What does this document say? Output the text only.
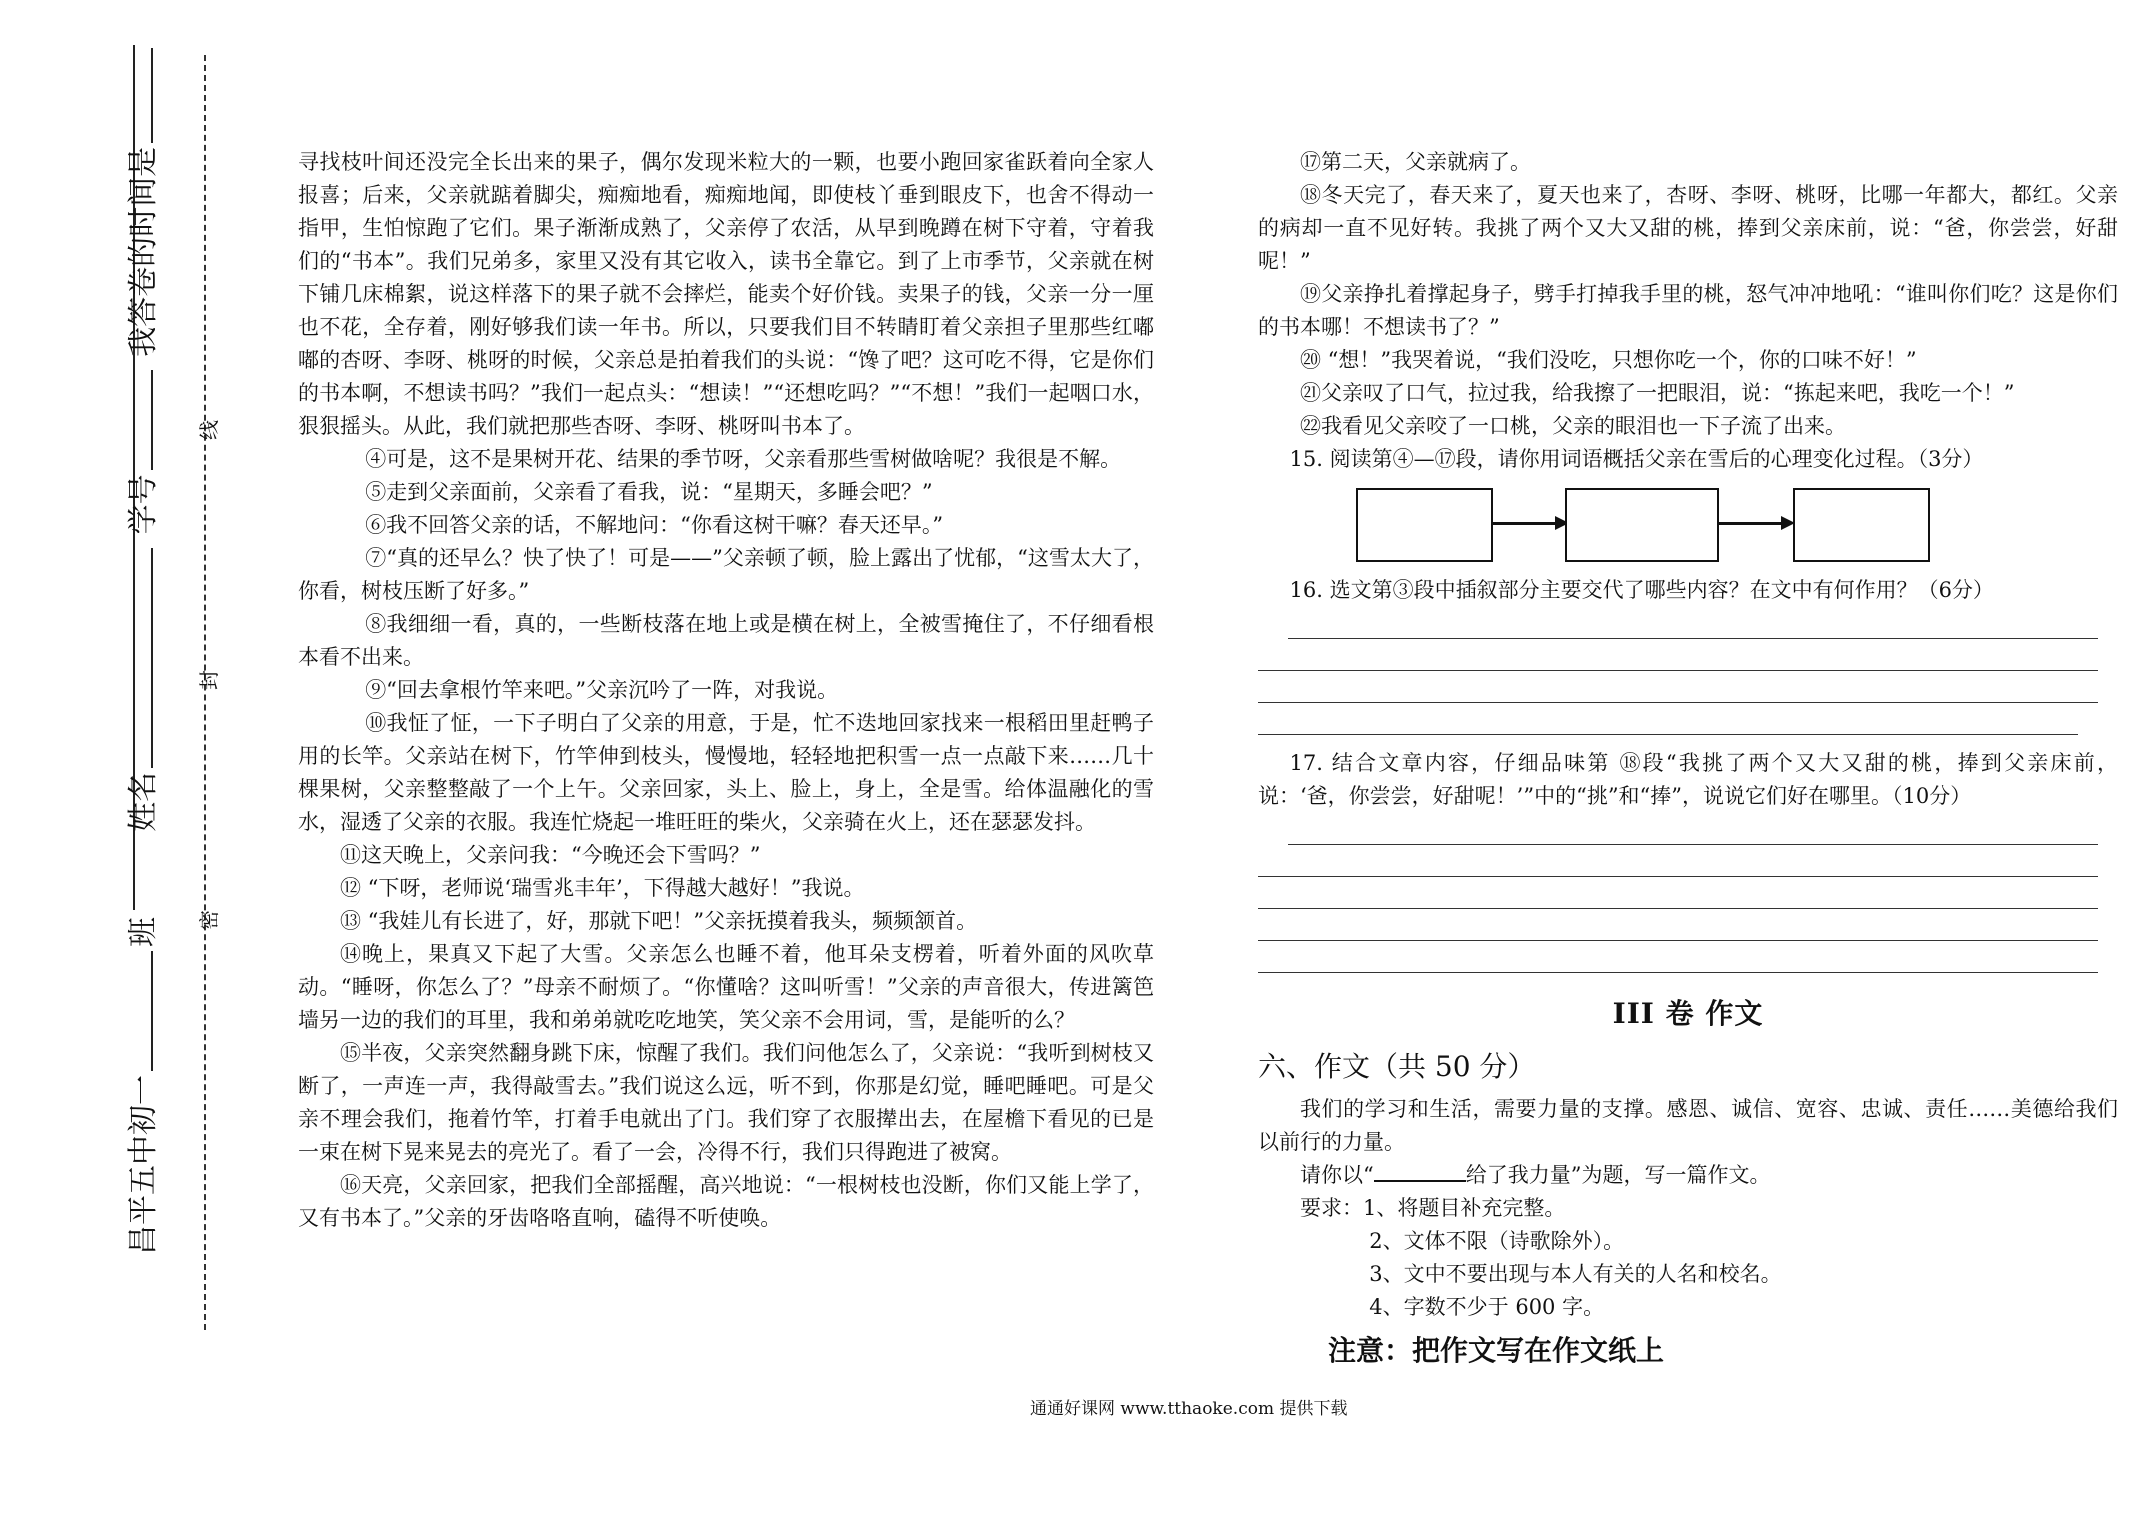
昌平五中初一班  姓名 学号 我答卷的时间是
密
封
线

寻找枝叶间还没完全长出来的果子，偶尔发现米粒大的一颗，也要小跑回家雀跃着向全家人报喜；后来，父亲就踮着脚尖，痴痴地看，痴痴地闻，即使枝丫垂到眼皮下，也舍不得动一指甲，生怕惊跑了它们。果子渐渐成熟了，父亲停了农活，从早到晚蹲在树下守着，守着我们的“书本”。我们兄弟多，家里又没有其它收入，读书全靠它。到了上市季节，父亲就在树下铺几床棉絮，说这样落下的果子就不会摔烂，能卖个好价钱。卖果子的钱，父亲一分一厘也不花，全存着，刚好够我们读一年书。所以，只要我们目不转睛盯着父亲担子里那些红嘟嘟的杏呀、李呀、桃呀的时候，父亲总是拍着我们的头说：“馋了吧？这可吃不得，它是你们的书本啊，不想读书吗？”我们一起点头：“想读！”“还想吃吗？”“不想！”我们一起咽口水，狠狠摇头。从此，我们就把那些杏呀、李呀、桃呀叫书本了。

④可是，这不是果树开花、结果的季节呀，父亲看那些雪树做啥呢？我很是不解。

⑤走到父亲面前，父亲看了看我，说：“星期天，多睡会吧？”

⑥我不回答父亲的话，不解地问：“你看这树干嘛？春天还早。”

⑦“真的还早么？快了快了！可是——”父亲顿了顿，脸上露出了忧郁，“这雪太大了，你看，树枝压断了好多。”

⑧我细细一看，真的，一些断枝落在地上或是横在树上，全被雪掩住了，不仔细看根本看不出来。

⑨“回去拿根竹竿来吧。”父亲沉吟了一阵，对我说。

⑩我怔了怔，一下子明白了父亲的用意，于是，忙不迭地回家找来一根稻田里赶鸭子用的长竿。父亲站在树下，竹竿伸到枝头，慢慢地，轻轻地把积雪一点一点敲下来……几十棵果树，父亲整整敲了一个上午。父亲回家，头上、脸上，身上，全是雪。给体温融化的雪水，湿透了父亲的衣服。我连忙烧起一堆旺旺的柴火，父亲骑在火上，还在瑟瑟发抖。

⑪这天晚上，父亲问我：“今晚还会下雪吗？”

⑫ “下呀，老师说‘瑞雪兆丰年’，下得越大越好！”我说。

⑬ “我娃儿有长进了，好，那就下吧！”父亲抚摸着我头，频频颔首。

⑭晚上，果真又下起了大雪。父亲怎么也睡不着，他耳朵支楞着，听着外面的风吹草动。“睡呀，你怎么了？”母亲不耐烦了。“你懂啥？这叫听雪！”父亲的声音很大，传进篱笆墙另一边的我们的耳里，我和弟弟就吃吃地笑，笑父亲不会用词，雪，是能听的么？

⑮半夜，父亲突然翻身跳下床，惊醒了我们。我们问他怎么了，父亲说：“我听到树枝又断了，一声连一声，我得敲雪去。”我们说这么远，听不到，你那是幻觉，睡吧睡吧。可是父亲不理会我们，拖着竹竿，打着手电就出了门。我们穿了衣服撵出去，在屋檐下看见的已是一束在树下晃来晃去的亮光了。看了一会，冷得不行，我们只得跑进了被窝。

⑯天亮，父亲回家，把我们全部摇醒，高兴地说：“一根树枝也没断，你们又能上学了，又有书本了。”父亲的牙齿咯咯直响，磕得不听使唤。

⑰第二天，父亲就病了。

⑱冬天完了，春天来了，夏天也来了，杏呀、李呀、桃呀，比哪一年都大，都红。父亲的病却一直不见好转。我挑了两个又大又甜的桃，捧到父亲床前，说：“爸，你尝尝，好甜呢！”

⑲父亲挣扎着撑起身子，劈手打掉我手里的桃，怒气冲冲地吼：“谁叫你们吃？这是你们的书本哪！不想读书了？”

⑳ “想！”我哭着说，“我们没吃，只想你吃一个，你的口味不好！”

㉑父亲叹了口气，拉过我，给我擦了一把眼泪，说：“拣起来吧，我吃一个！”

㉒我看见父亲咬了一口桃，父亲的眼泪也一下子流了出来。

15. 阅读第④—⑰段，请你用词语概括父亲在雪后的心理变化过程。（3分）

16. 选文第③段中插叙部分主要交代了哪些内容？在文中有何作用？（6分）

17. 结合文章内容，仔细品味第 ⑱段“我挑了两个又大又甜的桃，捧到父亲床前，说：‘爸，你尝尝，好甜呢！’”中的“挑”和“捧”，说说它们好在哪里。（10分）

III 卷 作文
六、作文（共 50 分）

我们的学习和生活，需要力量的支撑。感恩、诚信、宽容、忠诚、责任……美德给我们以前行的力量。

请你以“	给了我力量”为题，写一篇作文。

要求：1、将题目补充完整。

2、文体不限（诗歌除外）。

3、文中不要出现与本人有关的人名和校名。

4、字数不少于 600 字。

注意：把作文写在作文纸上

通通好课网 www.tthaoke.com 提供下载
